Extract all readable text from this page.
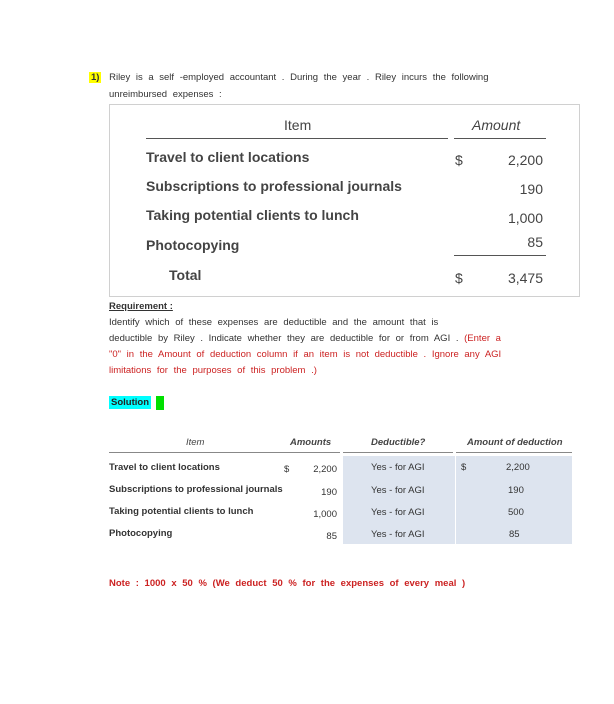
1) Riley is a self -employed accountant . During the year . Riley incurs the following
unreimbursed expenses :
Item	Amount
Travel to client locations	$	2,200
Subscriptions to professional journals	190
Taking potential clients to lunch	1,000
Photocopying	85
Total	$	3,475
Requirement :
Identify which of these expenses are deductible and the amount that is
deductible by Riley . Indicate whether they are deductible for or from AGI . (Enter a
"0" in the Amount of deduction column if an item is not deductible . Ignore any AGI
limitations for the purposes of this problem .)
Solution
Item	Amounts	Deductible?	Amount of deduction
$	$
Travel to client locations	2,200	Yes - for AGI	2,200
Subscriptions to professional journals	190	Yes - for AGI	190
Taking potential clients to lunch	1,000	Yes - for AGI	500
Photocopying	85	Yes - for AGI	85
Note : 1000 x 50 % (We deduct 50 % for the expenses of every meal )
